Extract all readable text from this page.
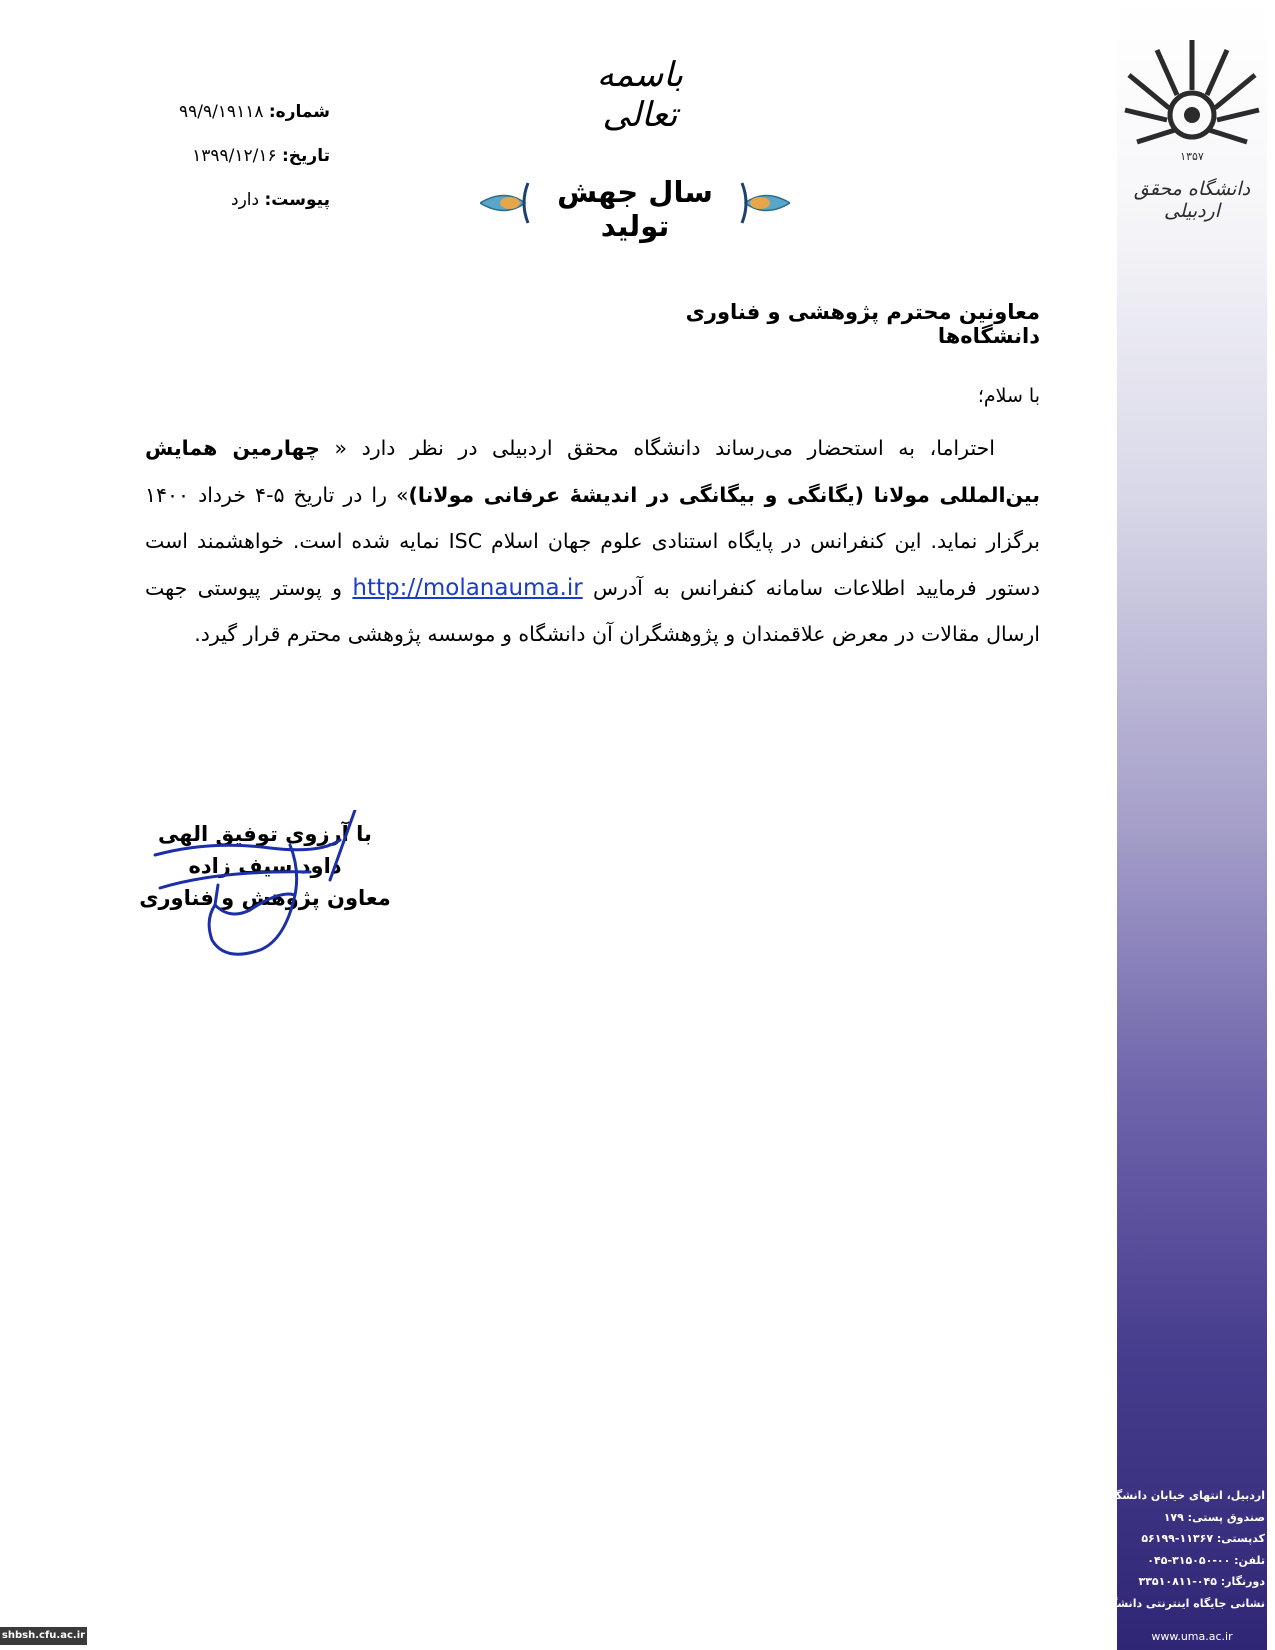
۱۳۵۷
دانشگاه محقق اردبیلی
اردبیل، انتهای خیابان دانشگاه
صندوق پستی: ۱۷۹
کدپستی: ۱۱۳۶۷-۵۶۱۹۹
تلفن: ۰۰-۳۱۵۰۵۰-۰۴۵
دورنگار: ۰۴۵-۳۳۵۱۰۸۱۱
نشانی جایگاه اینترنتی دانشگاه
www.uma.ac.ir
باسمه تعالی
شماره: ۹۹/۹/۱۹۱۱۸
تاریخ: ۱۳۹۹/۱۲/۱۶
پیوست: دارد	سال جهش تولید
معاونین محترم پژوهشی و فناوری دانشگاه‌ها
با سلام؛
احتراما، به استحضار می‌رساند دانشگاه محقق اردبیلی در نظر دارد « چهارمین همایش بین‌المللی مولانا (یگانگی و بیگانگی در اندیشهٔ عرفانی مولانا)» را در تاریخ ۵-۴ خرداد ۱۴۰۰ برگزار نماید. این کنفرانس در پایگاه استنادی علوم جهان اسلام ISC نمایه شده است. خواهشمند است دستور فرمایید اطلاعات سامانه کنفرانس به آدرس http://molanauma.ir و پوستر پیوستی جهت ارسال مقالات در معرض علاقمندان و پژوهشگران آن دانشگاه و موسسه پژوهشی محترم قرار گیرد.
با آرزوی توفیق الهی
داود سیف زاده
معاون پژوهش و فناوری
shbsh.cfu.ac.ir
